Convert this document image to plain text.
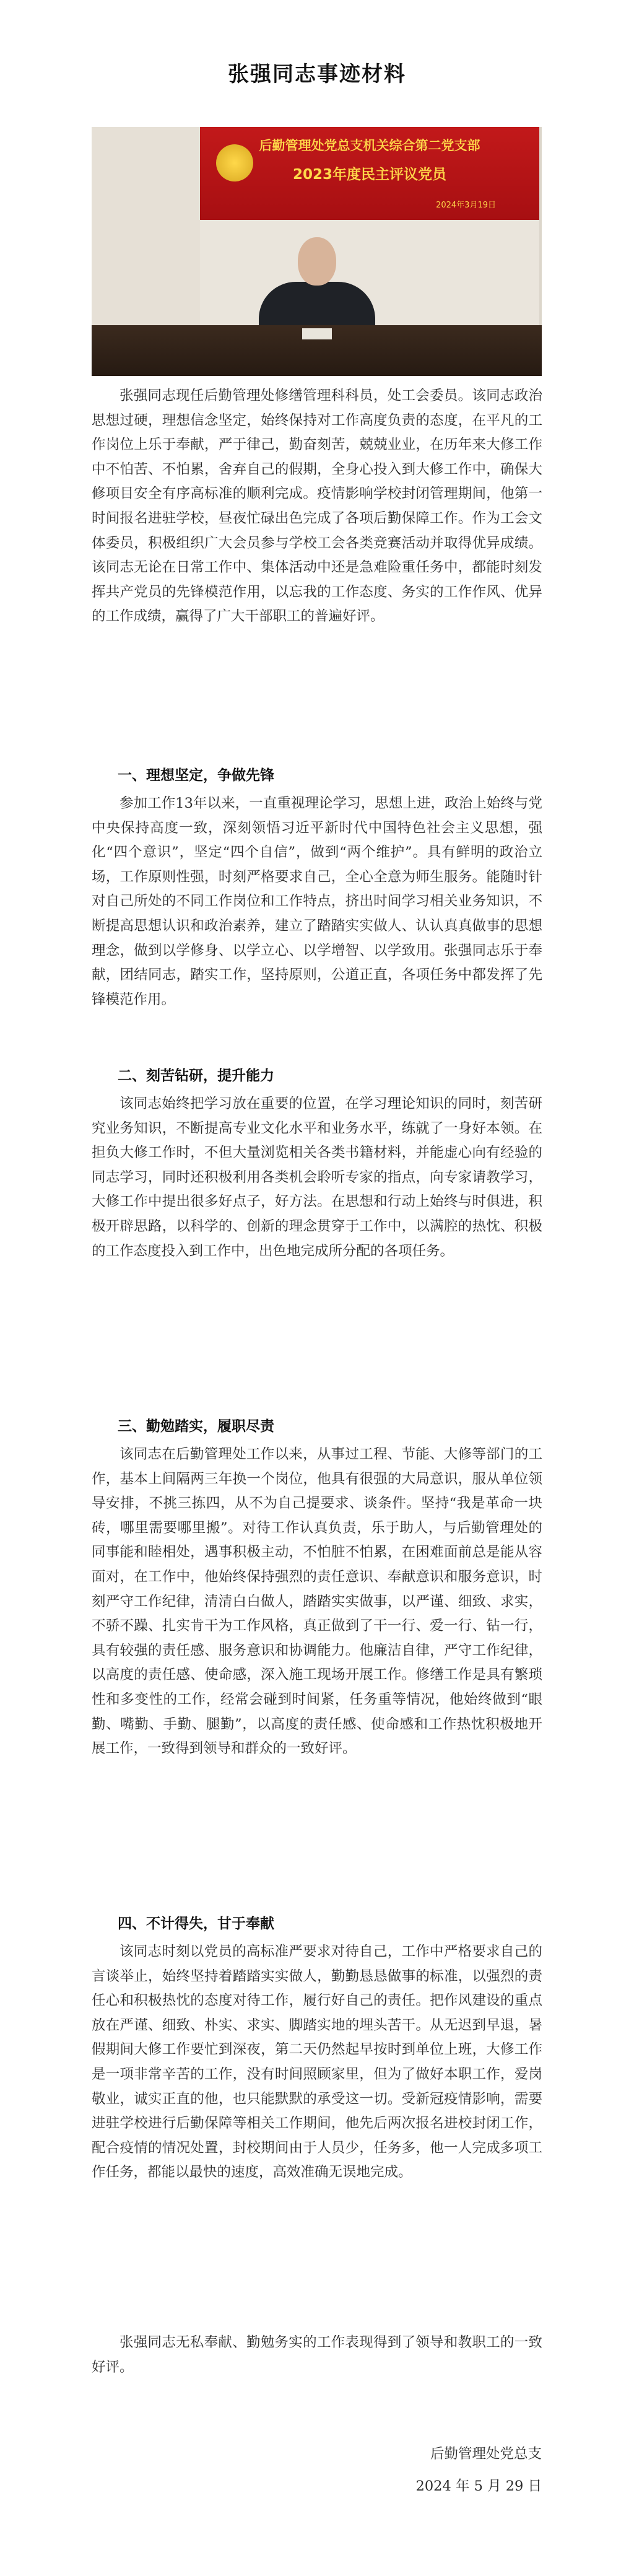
张强同志事迹材料
后勤管理处党总支机关综合第二党支部
2023年度民主评议党员
2024年3月19日

张强同志现任后勤管理处修缮管理科科员，处工会委员。该同志政治思想过硬，理想信念坚定，始终保持对工作高度负责的态度，在平凡的工作岗位上乐于奉献，严于律己，勤奋刻苦，兢兢业业，在历年来大修工作中不怕苦、不怕累，舍弃自己的假期，全身心投入到大修工作中，确保大修项目安全有序高标准的顺利完成。疫情影响学校封闭管理期间，他第一时间报名进驻学校，昼夜忙碌出色完成了各项后勤保障工作。作为工会文体委员，积极组织广大会员参与学校工会各类竞赛活动并取得优异成绩。该同志无论在日常工作中、集体活动中还是急难险重任务中，都能时刻发挥共产党员的先锋模范作用，以忘我的工作态度、务实的工作作风、优异的工作成绩，赢得了广大干部职工的普遍好评。

一、理想坚定，争做先锋

参加工作13年以来，一直重视理论学习，思想上进，政治上始终与党中央保持高度一致，深刻领悟习近平新时代中国特色社会主义思想，强化“四个意识”，坚定“四个自信”，做到“两个维护”。具有鲜明的政治立场，工作原则性强，时刻严格要求自己，全心全意为师生服务。能随时针对自己所处的不同工作岗位和工作特点，挤出时间学习相关业务知识，不断提高思想认识和政治素养，建立了踏踏实实做人、认认真真做事的思想理念，做到以学修身、以学立心、以学增智、以学致用。张强同志乐于奉献，团结同志，踏实工作，坚持原则，公道正直，各项任务中都发挥了先锋模范作用。

二、刻苦钻研，提升能力

该同志始终把学习放在重要的位置，在学习理论知识的同时，刻苦研究业务知识，不断提高专业文化水平和业务水平，练就了一身好本领。在担负大修工作时，不但大量浏览相关各类书籍材料，并能虚心向有经验的同志学习，同时还积极利用各类机会聆听专家的指点，向专家请教学习，大修工作中提出很多好点子，好方法。在思想和行动上始终与时俱进，积极开辟思路，以科学的、创新的理念贯穿于工作中，以满腔的热忱、积极的工作态度投入到工作中，出色地完成所分配的各项任务。

三、勤勉踏实，履职尽责

该同志在后勤管理处工作以来，从事过工程、节能、大修等部门的工作，基本上间隔两三年换一个岗位，他具有很强的大局意识，服从单位领导安排，不挑三拣四，从不为自己提要求、谈条件。坚持“我是革命一块砖，哪里需要哪里搬”。对待工作认真负责，乐于助人，与后勤管理处的同事能和睦相处，遇事积极主动，不怕脏不怕累，在困难面前总是能从容面对，在工作中，他始终保持强烈的责任意识、奉献意识和服务意识，时刻严守工作纪律，清清白白做人，踏踏实实做事，以严谨、细致、求实，不骄不躁、扎实肯干为工作风格，真正做到了干一行、爱一行、钻一行，具有较强的责任感、服务意识和协调能力。他廉洁自律，严守工作纪律，以高度的责任感、使命感，深入施工现场开展工作。修缮工作是具有繁琐性和多变性的工作，经常会碰到时间紧，任务重等情况，他始终做到“眼勤、嘴勤、手勤、腿勤”，以高度的责任感、使命感和工作热忱积极地开展工作，一致得到领导和群众的一致好评。

四、不计得失，甘于奉献

该同志时刻以党员的高标准严要求对待自己，工作中严格要求自己的言谈举止，始终坚持着踏踏实实做人，勤勤恳恳做事的标准，以强烈的责任心和积极热忱的态度对待工作，履行好自己的责任。把作风建设的重点放在严谨、细致、朴实、求实、脚踏实地的埋头苦干。从无迟到早退，暑假期间大修工作要忙到深夜，第二天仍然起早按时到单位上班，大修工作是一项非常辛苦的工作，没有时间照顾家里，但为了做好本职工作，爱岗敬业，诚实正直的他，也只能默默的承受这一切。受新冠疫情影响，需要进驻学校进行后勤保障等相关工作期间，他先后两次报名进校封闭工作，配合疫情的情况处置，封校期间由于人员少，任务多，他一人完成多项工作任务，都能以最快的速度，高效准确无误地完成。

张强同志无私奉献、勤勉务实的工作表现得到了领导和教职工的一致好评。

后勤管理处党总支
2024 年 5 月 29 日
